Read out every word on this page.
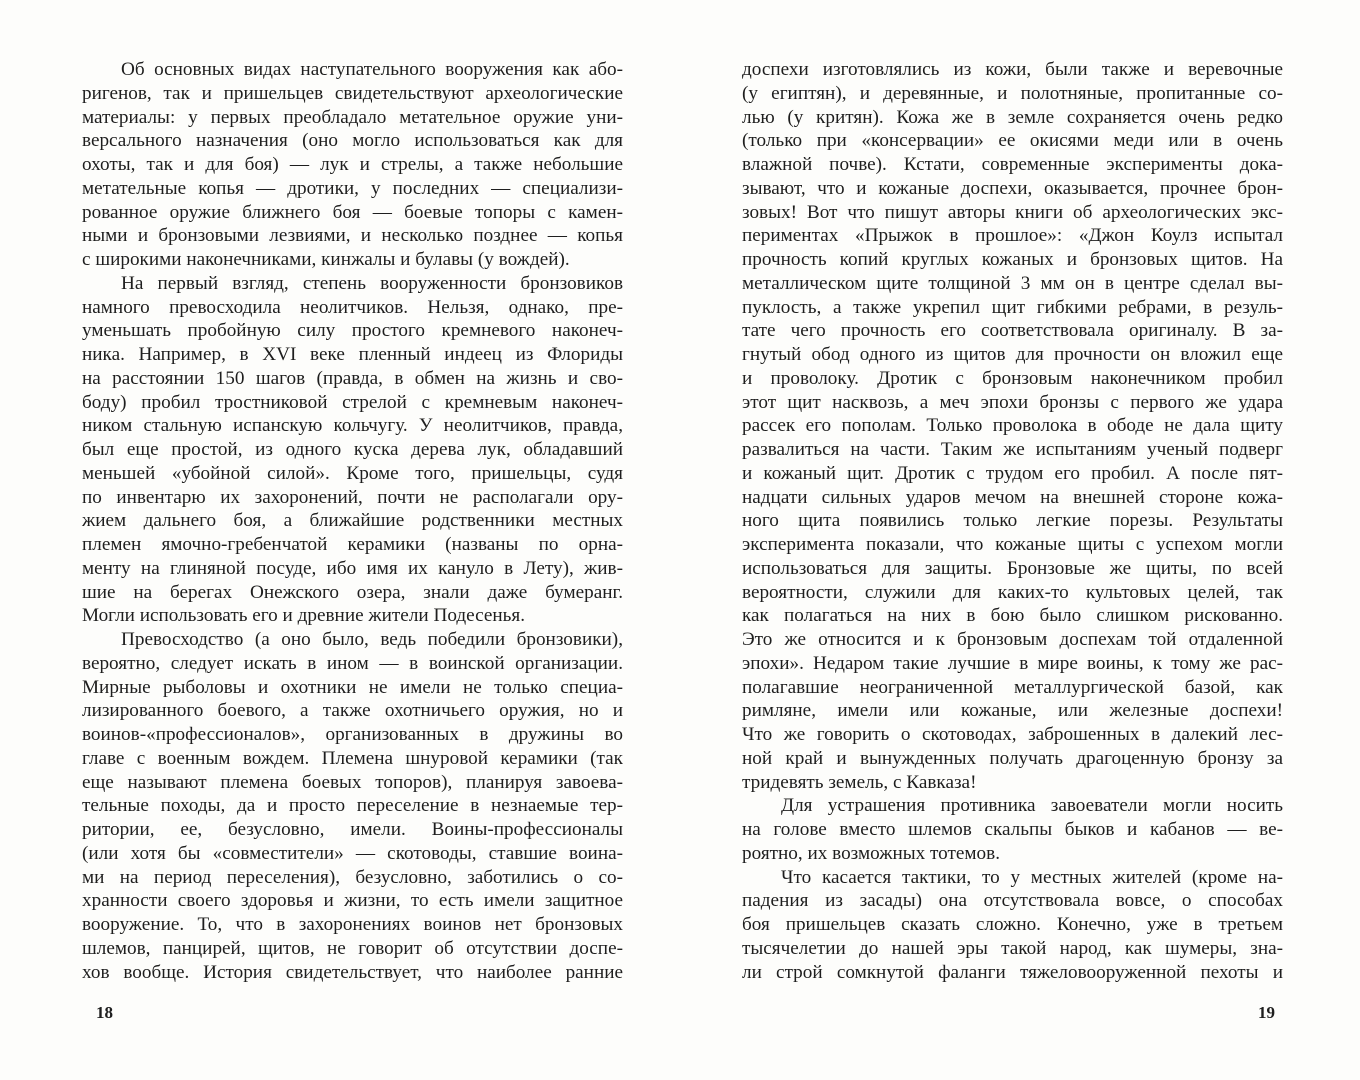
Об основных видах наступательного вооружения как або-
ригенов, так и пришельцев свидетельствуют археологические
материалы: у первых преобладало метательное оружие уни-
версального назначения (оно могло использоваться как для
охоты, так и для боя) — лук и стрелы, а также небольшие
метательные копья — дротики, у последних — специализи-
рованное оружие ближнего боя — боевые топоры с камен-
ными и бронзовыми лезвиями, и несколько позднее — копья
с широкими наконечниками, кинжалы и булавы (у вождей).
На первый взгляд, степень вооруженности бронзовиков
намного превосходила неолитчиков. Нельзя, однако, пре-
уменьшать пробойную силу простого кремневого наконеч-
ника. Например, в XVI веке пленный индеец из Флориды
на расстоянии 150 шагов (правда, в обмен на жизнь и сво-
боду) пробил тростниковой стрелой с кремневым наконеч-
ником стальную испанскую кольчугу. У неолитчиков, правда,
был еще простой, из одного куска дерева лук, обладавший
меньшей «убойной силой». Кроме того, пришельцы, судя
по инвентарю их захоронений, почти не располагали ору-
жием дальнего боя, а ближайшие родственники местных
племен ямочно-гребенчатой керамики (названы по орна-
менту на глиняной посуде, ибо имя их кануло в Лету), жив-
шие на берегах Онежского озера, знали даже бумеранг.
Могли использовать его и древние жители Подесенья.
Превосходство (а оно было, ведь победили бронзовики),
вероятно, следует искать в ином — в воинской организации.
Мирные рыболовы и охотники не имели не только специа-
лизированного боевого, а также охотничьего оружия, но и
воинов-«профессионалов», организованных в дружины во
главе с военным вождем. Племена шнуровой керамики (так
еще называют племена боевых топоров), планируя завоева-
тельные походы, да и просто переселение в незнаемые тер-
ритории, ее, безусловно, имели. Воины-профессионалы
(или хотя бы «совместители» — скотоводы, ставшие воина-
ми на период переселения), безусловно, заботились о со-
хранности своего здоровья и жизни, то есть имели защитное
вооружение. То, что в захоронениях воинов нет бронзовых
шлемов, панцирей, щитов, не говорит об отсутствии доспе-
хов вообще. История свидетельствует, что наиболее ранние
доспехи изготовлялись из кожи, были также и веревочные
(у египтян), и деревянные, и полотняные, пропитанные со-
лью (у критян). Кожа же в земле сохраняется очень редко
(только при «консервации» ее окисями меди или в очень
влажной почве). Кстати, современные эксперименты дока-
зывают, что и кожаные доспехи, оказывается, прочнее брон-
зовых! Вот что пишут авторы книги об археологических экс-
периментах «Прыжок в прошлое»: «Джон Коулз испытал
прочность копий круглых кожаных и бронзовых щитов. На
металлическом щите толщиной 3 мм он в центре сделал вы-
пуклость, а также укрепил щит гибкими ребрами, в резуль-
тате чего прочность его соответствовала оригиналу. В за-
гнутый обод одного из щитов для прочности он вложил еще
и проволоку. Дротик с бронзовым наконечником пробил
этот щит насквозь, а меч эпохи бронзы с первого же удара
рассек его пополам. Только проволока в ободе не дала щиту
развалиться на части. Таким же испытаниям ученый подверг
и кожаный щит. Дротик с трудом его пробил. А после пят-
надцати сильных ударов мечом на внешней стороне кожа-
ного щита появились только легкие порезы. Результаты
эксперимента показали, что кожаные щиты с успехом могли
использоваться для защиты. Бронзовые же щиты, по всей
вероятности, служили для каких-то культовых целей, так
как полагаться на них в бою было слишком рискованно.
Это же относится и к бронзовым доспехам той отдаленной
эпохи». Недаром такие лучшие в мире воины, к тому же рас-
полагавшие неограниченной металлургической базой, как
римляне, имели или кожаные, или железные доспехи!
Что же говорить о скотоводах, заброшенных в далекий лес-
ной край и вынужденных получать драгоценную бронзу за
тридевять земель, с Кавказа!
Для устрашения противника завоеватели могли носить
на голове вместо шлемов скальпы быков и кабанов — ве-
роятно, их возможных тотемов.
Что касается тактики, то у местных жителей (кроме на-
падения из засады) она отсутствовала вовсе, о способах
боя пришельцев сказать сложно. Конечно, уже в третьем
тысячелетии до нашей эры такой народ, как шумеры, зна-
ли строй сомкнутой фаланги тяжеловооруженной пехоты и
18	19
